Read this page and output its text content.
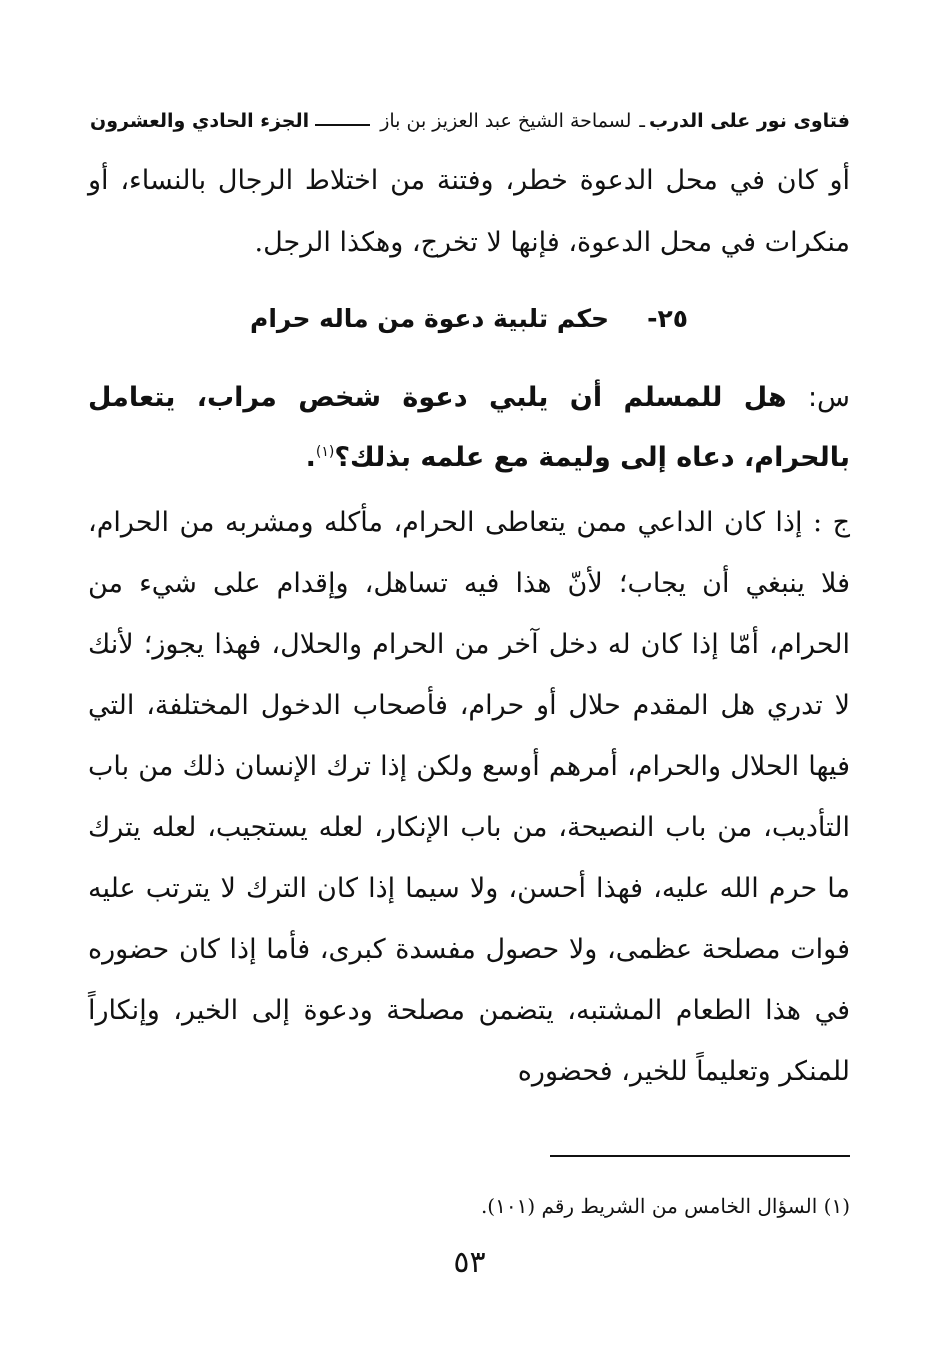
فتاوى نور على الدرب
ـ
لسماحة الشيخ عبد العزيز بن باز
الجزء الحادي والعشرون

أو كان في محل الدعوة خطر، وفتنة من اختلاط الرجال بالنساء، أو منكرات في محل الدعوة، فإنها لا تخرج، وهكذا الرجل.

٢٥-حكم تلبية دعوة من ماله حرام

س: هل للمسلم أن يلبي دعوة شخص مراب، يتعامل بالحرام، دعاه إلى وليمة مع علمه بذلك؟$^{(١)}$.

ج : إذا كان الداعي ممن يتعاطى الحرام، مأكله ومشربه من الحرام، فلا ينبغي أن يجاب؛ لأنّ هذا فيه تساهل، وإقدام على شيء من الحرام، أمّا إذا كان له دخل آخر من الحرام والحلال، فهذا يجوز؛ لأنك لا تدري هل المقدم حلال أو حرام، فأصحاب الدخول المختلفة، التي فيها الحلال والحرام، أمرهم أوسع ولكن إذا ترك الإنسان ذلك من باب التأديب، من باب النصيحة، من باب الإنكار، لعله يستجيب، لعله يترك ما حرم الله عليه، فهذا أحسن، ولا سيما إذا كان الترك لا يترتب عليه فوات مصلحة عظمى، ولا حصول مفسدة كبرى، فأما إذا كان حضوره في هذا الطعام المشتبه، يتضمن مصلحة ودعوة إلى الخير، وإنكاراً للمنكر وتعليماً للخير، فحضوره

(١) السؤال الخامس من الشريط رقم (١٠١).

٥٣
